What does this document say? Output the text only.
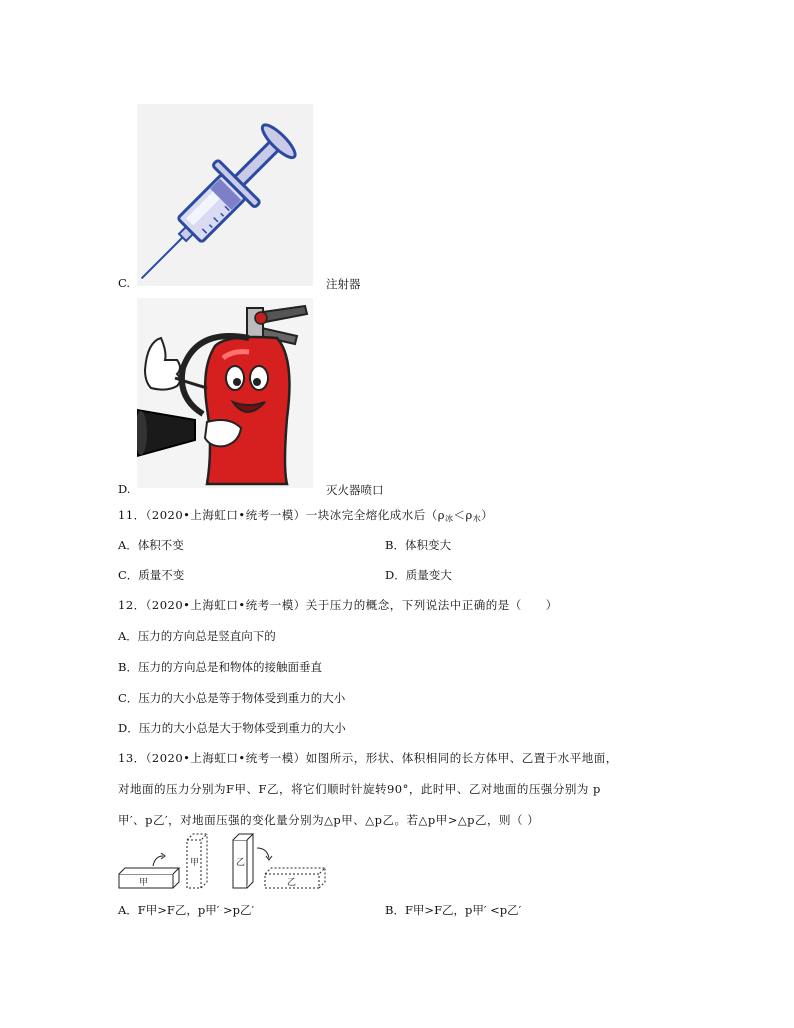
C.	注射器
D.	灭火器喷口
11．（2020•上海虹口•统考一模）一块冰完全熔化成水后$(\rho_冰<\rho_水)$
A．体积不变	B．体积变大
C．质量不变	D．质量变大
12．（2020•上海虹口•统考一模）关于压力的概念，下列说法中正确的是（　　）
A．压力的方向总是竖直向下的
B．压力的方向总是和物体的接触面垂直
C．压力的大小总是等于物体受到重力的大小
D．压力的大小总是大于物体受到重力的大小
13．（2020•上海虹口•统考一模）如图所示，形状、体积相同的长方体甲、乙置于水平地面，
对地面的压力分别为F甲、F乙，将它们顺时针旋转90°，此时甲、乙对地面的压强分别为 p
甲′、p乙′，对地面压强的变化量分别为△p甲、△p乙。若△p甲>△p乙，则（ ）
甲
甲	乙
乙
A．F甲>F乙，p甲′ >p乙′	B．F甲>F乙，p甲′ <p乙′
